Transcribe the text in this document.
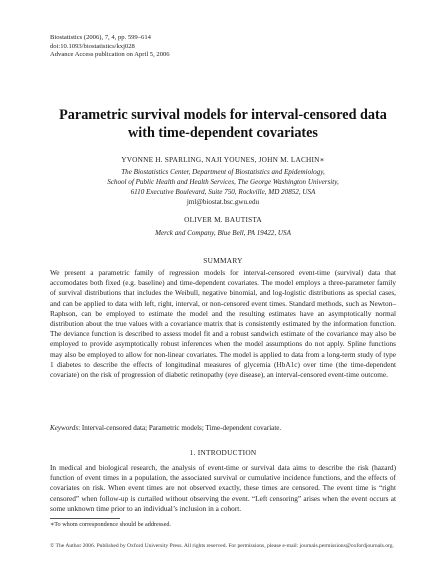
Biostatistics (2006), 7, 4, pp. 599–614
doi:10.1093/biostatistics/kxj028
Advance Access publication on April 5, 2006
Parametric survival models for interval-censored data
with time-dependent covariates
YVONNE H. SPARLING, NAJI YOUNES, JOHN M. LACHIN∗
The Biostatistics Center, Department of Biostatistics and Epidemiology,
School of Public Health and Health Services, The George Washington University,
6110 Executive Boulevard, Suite 750, Rockville, MD 20852, USA
jml@biostat.bsc.gwu.edu
OLIVER M. BAUTISTA
Merck and Company, Blue Bell, PA 19422, USA
SUMMARY
We present a parametric family of regression models for interval-censored event-time (survival) data that accomodates both fixed (e.g. baseline) and time-dependent covariates. The model employs a three-parameter family of survival distributions that includes the Weibull, negative binomial, and log-logistic distributions as special cases, and can be applied to data with left, right, interval, or non-censored event times. Standard methods, such as Newton–Raphson, can be employed to estimate the model and the resulting estimates have an asymptotically normal distribution about the true values with a covariance matrix that is consistently estimated by the information function. The deviance function is described to assess model fit and a robust sandwich estimate of the covariance may also be employed to provide asymptotically robust inferences when the model assumptions do not apply. Spline functions may also be employed to allow for non-linear covariates. The model is applied to data from a long-term study of type 1 diabetes to describe the effects of longitudinal measures of glycemia (HbA1c) over time (the time-dependent covariate) on the risk of progression of diabetic retinopathy (eye disease), an interval-censored event-time outcome.
Keywords: Interval-censored data; Parametric models; Time-dependent covariate.
1. INTRODUCTION
In medical and biological research, the analysis of event-time or survival data aims to describe the risk (hazard) function of event times in a population, the associated survival or cumulative incidence functions, and the effects of covariates on risk. When event times are not observed exactly, these times are censored. The event time is “right censored” when follow-up is curtailed without observing the event. “Left censoring” arises when the event occurs at some unknown time prior to an individual’s inclusion in a cohort.
∗To whom correspondence should be addressed.
© The Author 2006. Published by Oxford University Press. All rights reserved. For permissions, please e-mail: journals.permissions@oxfordjournals.org.
